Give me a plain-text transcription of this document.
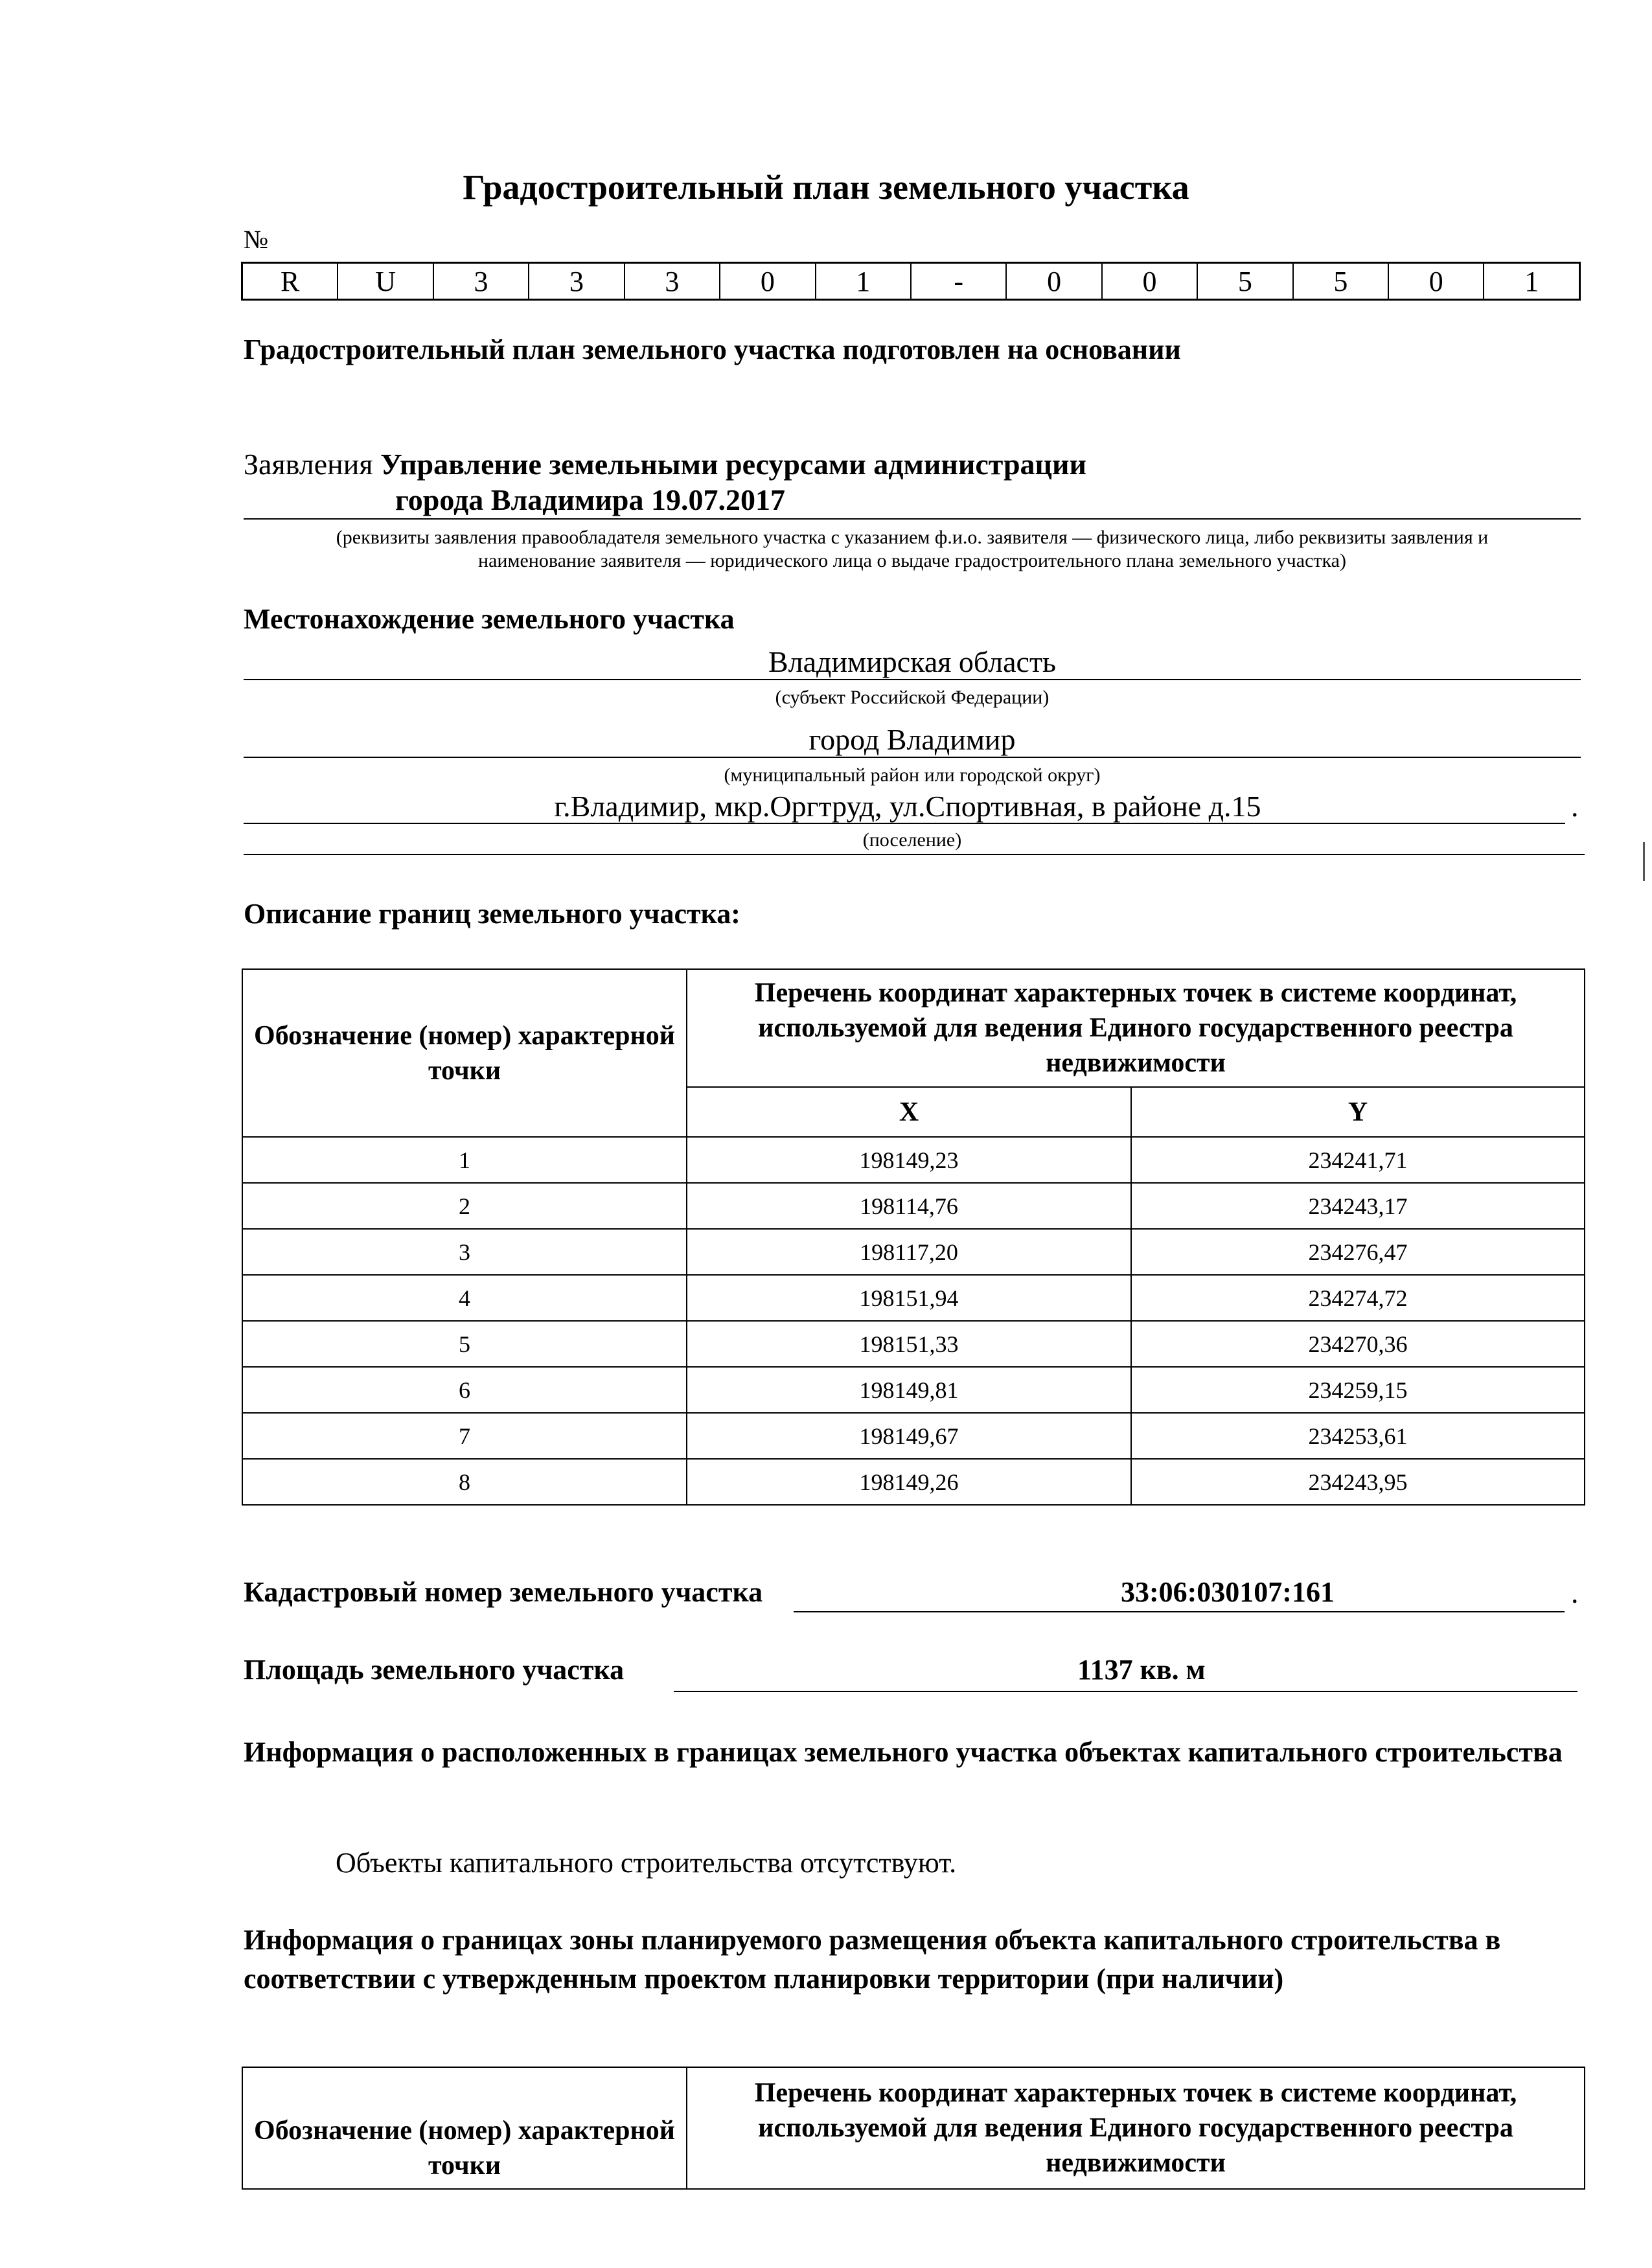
Градостроительный план земельного участка
№
R	U	3	3	3	0	1	-	0	0	5	5	0	1
Градостроительный план земельного участка подготовлен на основании
Заявления Управление земельными ресурсами администрации
города Владимира 19.07.2017
(реквизиты заявления правообладателя земельного участка с указанием ф.и.о. заявителя — физического лица, либо реквизиты заявления и
наименование заявителя — юридического лица о выдаче градостроительного плана земельного участка)
Местонахождение земельного участка
Владимирская область
(субъект Российской Федерации)
город Владимир
(муниципальный район или городской округ)
г.Владимир, мкр.Оргтруд, ул.Спортивная, в районе д.15	.
(поселение)
Описание границ земельного участка:
Обозначение (номер) характерной точки	Перечень координат характерных точек в системе координат, используемой для ведения Единого государственного реестра недвижимости	
	X	Y
1	198149,23	234241,71
2	198114,76	234243,17
3	198117,20	234276,47
4	198151,94	234274,72
5	198151,33	234270,36
6	198149,81	234259,15
7	198149,67	234253,61
8	198149,26	234243,95
Кадастровый номер земельного участка	33:06:030107:161	.
Площадь земельного участка	1137 кв. м
Информация о расположенных в границах земельного участка объектах капитального строительства
Объекты капитального строительства отсутствуют.
Информация о границах зоны планируемого размещения объекта капитального строительства в соответствии с утвержденным проектом планировки территории (при наличии)
Обозначение (номер) характерной точки	Перечень координат характерных точек в системе координат, используемой для ведения Единого государственного реестра недвижимости
